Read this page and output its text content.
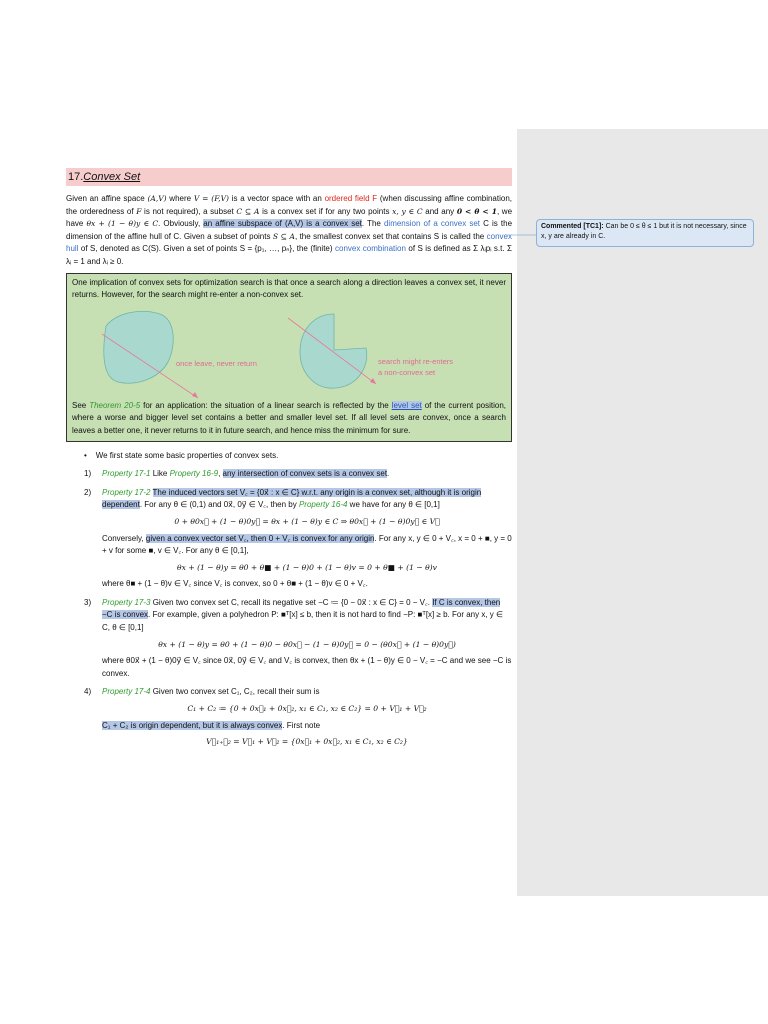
17.Convex Set

Given an affine space (A,V) where V = (F,V) is a vector space with an ordered field F (when discussing affine combination, the orderedness of F is not required), a subset C ⊆ A is a convex set if for any two points x, y ∈ C and any 0 < θ < 1, we have θx + (1 − θ)y ∈ C. Obviously, an affine subspace of (A,V) is a convex set. The dimension of a convex set C is the dimension of the affine hull of C. Given a subset of points S ⊆ A, the smallest convex set that contains S is called the convex hull of S, denoted as C(S). Given a set of points S = {p₁, …, pₙ}, the (finite) convex combination of S is defined as Σ λᵢpᵢ s.t. Σ λᵢ = 1 and λᵢ ≥ 0.

One implication of convex sets for optimization search is that once a search along a direction leaves a convex set, it never returns. However, for the search might re-enter a non-convex set.

once leave, never return	search might re-enters
a non-convex set

See Theorem 20-5 for an application: the situation of a linear search is reflected by the level set of the current position, where a worse and bigger level set contains a better and smaller level set. If all level sets are convex, once a search leaves a better one, it never returns to it in future search, and hence miss the minimum for sure.

•    We first state some basic properties of convex sets.
1) Property 17-1 Like Property 16-9, any intersection of convex sets is a convex set.
2) Property 17-2 The induced vectors set V꜀ = {0x⃗ : x ∈ C} w.r.t. any origin is a convex set, although it is origin dependent. For any θ ∈ (0,1) and 0x⃗, 0y⃗ ∈ V꜀, then by Property 16-4 we have for any θ ∈ [0,1]
0 + θ0x⃗ + (1 − θ)0y⃗ = θx + (1 − θ)y ∈ C ⇒ θ0x⃗ + (1 − θ)0y⃗ ∈ V꜀
Conversely, given a convex vector set V꜀, then 0 + V꜀ is convex for any origin. For any x, y ∈ 0 + V꜀, x = 0 + ■, y = 0 + v for some ■, v ∈ V꜀. For any θ ∈ [0,1],
θx + (1 − θ)y = θ0 + θ■ + (1 − θ)0 + (1 − θ)v = 0 + θ■ + (1 − θ)v
where θ■ + (1 − θ)v ∈ V꜀ since V꜀ is convex, so 0 + θ■ + (1 − θ)v ∈ 0 + V꜀.
3) Property 17-3 Given two convex set C, recall its negative set −C ≔ {0 − 0x⃗ : x ∈ C} = 0 − V꜀. If C is convex, then −C is convex. For example, given a polyhedron P: ■ᵀ[x] ≤ b, then it is not hard to find −P: ■ᵀ[x] ≥ b. For any x, y ∈ C, θ ∈ [0,1]
θx + (1 − θ)y = θ0 + (1 − θ)0 − θ0x⃗ − (1 − θ)0y⃗ = 0 − (θ0x⃗ + (1 − θ)0y⃗)
where θ0x⃗ + (1 − θ)0y⃗ ∈ V꜀ since 0x⃗, 0y⃗ ∈ V꜀ and V꜀ is convex, then θx + (1 − θ)y ∈ 0 − V꜀ = −C and we see −C is convex.
4) Property 17-4 Given two convex set C₁, C₂, recall their sum is
C₁ + C₂ ≔ {0 + 0x⃗₁ + 0x⃗₂, x₁ ∈ C₁, x₂ ∈ C₂} = 0 + V꜀₁ + V꜀₂
C₁ + C₂ is origin dependent, but it is always convex. First note
V꜀₁₊꜀₂ = V꜀₁ + V꜀₂ = {0x⃗₁ + 0x⃗₂, x₁ ∈ C₁, x₂ ∈ C₂}
Commented [TC1]: Can be 0 ≤ θ ≤ 1 but it is not necessary, since x, y are already in C.
